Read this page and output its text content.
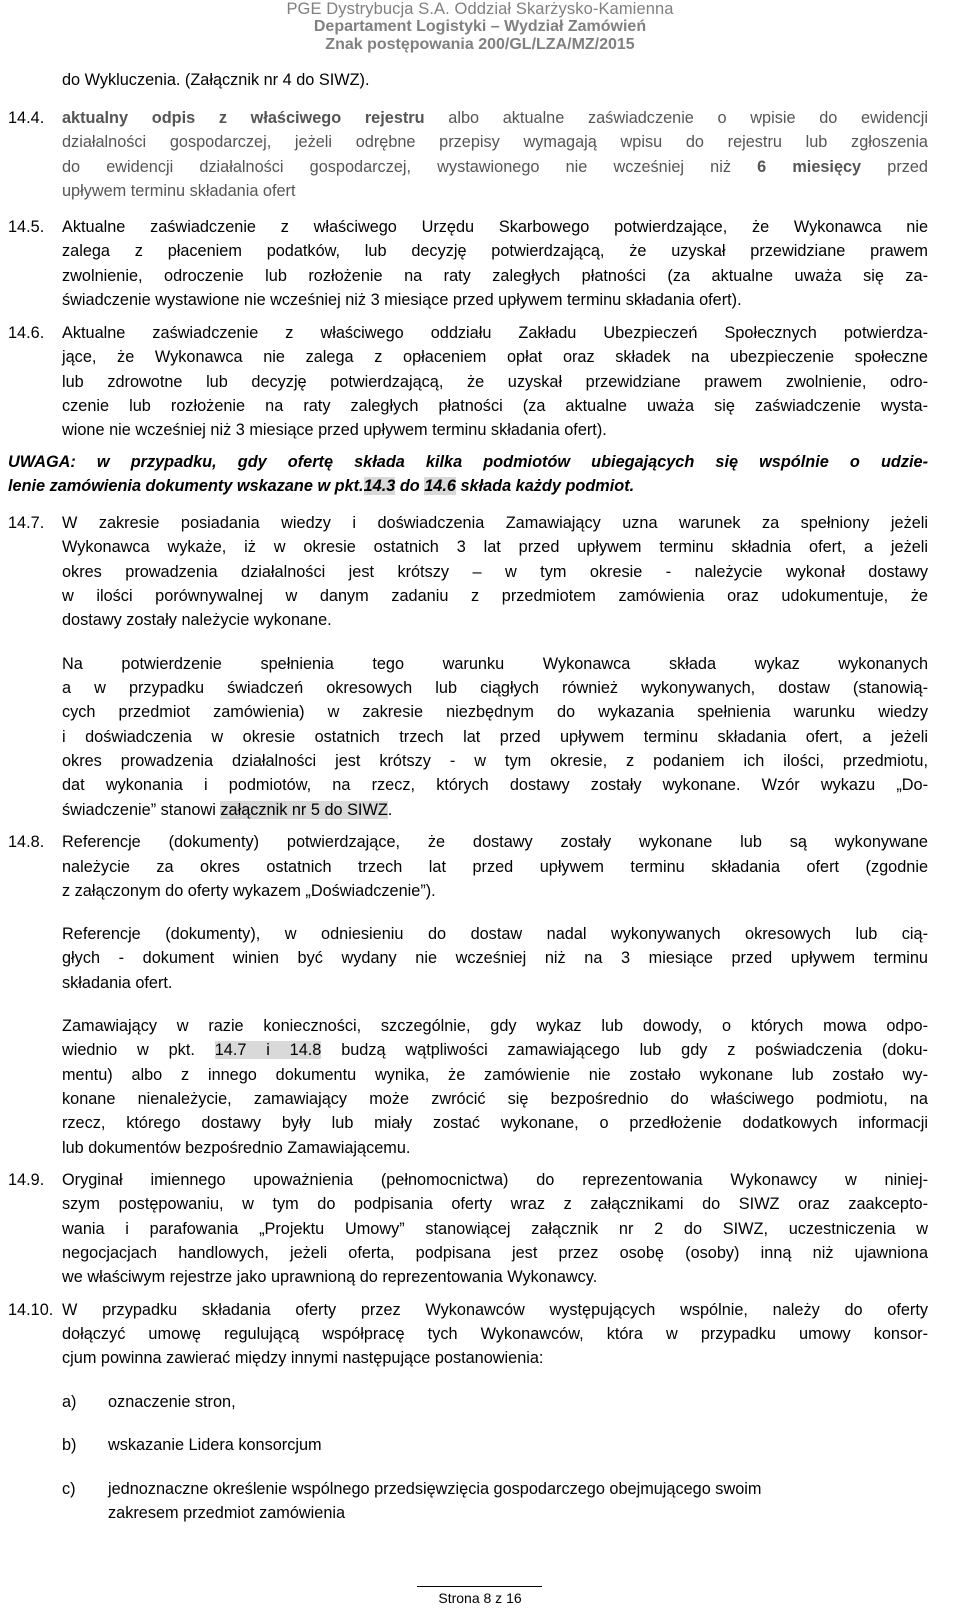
PGE Dystrybucja S.A. Oddział Skarżysko-Kamienna
Departament Logistyki – Wydział Zamówień
Znak postępowania 200/GL/LZA/MZ/2015
do Wykluczenia. (Załącznik nr 4 do SIWZ).
14.4. aktualny odpis z właściwego rejestru albo aktualne zaświadczenie o wpisie do ewidencji
działalności gospodarczej, jeżeli odrębne przepisy wymagają wpisu do rejestru lub zgłoszenia
do ewidencji działalności gospodarczej, wystawionego nie wcześniej niż 6 miesięcy przed
upływem terminu składania ofert
14.5. Aktualne zaświadczenie z właściwego Urzędu Skarbowego potwierdzające, że Wykonawca nie
zalega z płaceniem podatków, lub decyzję potwierdzającą, że uzyskał przewidziane prawem
zwolnienie, odroczenie lub rozłożenie na raty zaległych płatności (za aktualne uważa się za-
świadczenie wystawione nie wcześniej niż 3 miesiące przed upływem terminu składania ofert).
14.6. Aktualne zaświadczenie z właściwego oddziału Zakładu Ubezpieczeń Społecznych potwierdza-
jące, że Wykonawca nie zalega z opłaceniem opłat oraz składek na ubezpieczenie społeczne
lub zdrowotne lub decyzję potwierdzającą, że uzyskał przewidziane prawem zwolnienie, odro-
czenie lub rozłożenie na raty zaległych płatności (za aktualne uważa się zaświadczenie wysta-
wione nie wcześniej niż 3 miesiące przed upływem terminu składania ofert).
UWAGA: w przypadku, gdy ofertę składa kilka podmiotów ubiegających się wspólnie o udzie-
lenie zamówienia dokumenty wskazane w pkt.14.3 do 14.6 składa każdy podmiot.
14.7. W zakresie posiadania wiedzy i doświadczenia Zamawiający uzna warunek za spełniony jeżeli
Wykonawca wykaże, iż w okresie ostatnich 3 lat przed upływem terminu składnia ofert, a jeżeli
okres prowadzenia działalności jest krótszy – w tym okresie - należycie wykonał dostawy
w ilości porównywalnej w danym zadaniu z przedmiotem zamówienia oraz udokumentuje, że
dostawy zostały należycie wykonane.
Na potwierdzenie spełnienia tego warunku Wykonawca składa wykaz wykonanych
a w przypadku świadczeń okresowych lub ciągłych również wykonywanych, dostaw (stanowią-
cych przedmiot zamówienia) w zakresie niezbędnym do wykazania spełnienia warunku wiedzy
i doświadczenia w okresie ostatnich trzech lat przed upływem terminu składania ofert, a jeżeli
okres prowadzenia działalności jest krótszy - w tym okresie, z podaniem ich ilości, przedmiotu,
dat wykonania i podmiotów, na rzecz, których dostawy zostały wykonane. Wzór wykazu „Do-
świadczenie” stanowi załącznik nr 5 do SIWZ.
14.8. Referencje (dokumenty) potwierdzające, że dostawy zostały wykonane lub są wykonywane
należycie za okres ostatnich trzech lat przed upływem terminu składania ofert (zgodnie
z załączonym do oferty wykazem „Doświadczenie”).
Referencje (dokumenty), w odniesieniu do dostaw nadal wykonywanych okresowych lub cią-
głych - dokument winien być wydany nie wcześniej niż na 3 miesiące przed upływem terminu
składania ofert.
Zamawiający w razie konieczności, szczególnie, gdy wykaz lub dowody, o których mowa odpo-
wiednio w pkt. 14.7 i 14.8 budzą wątpliwości zamawiającego lub gdy z poświadczenia (doku-
mentu) albo z innego dokumentu wynika, że zamówienie nie zostało wykonane lub zostało wy-
konane nienależycie, zamawiający może zwrócić się bezpośrednio do właściwego podmiotu, na
rzecz, którego dostawy były lub miały zostać wykonane, o przedłożenie dodatkowych informacji
lub dokumentów bezpośrednio Zamawiającemu.
14.9. Oryginał imiennego upoważnienia (pełnomocnictwa) do reprezentowania Wykonawcy w niniej-
szym postępowaniu, w tym do podpisania oferty wraz z załącznikami do SIWZ oraz zaakcepto-
wania i parafowania „Projektu Umowy” stanowiącej załącznik nr 2 do SIWZ, uczestniczenia w
negocjacjach handlowych, jeżeli oferta, podpisana jest przez osobę (osoby) inną niż ujawniona
we właściwym rejestrze jako uprawnioną do reprezentowania Wykonawcy.
14.10. W przypadku składania oferty przez Wykonawców występujących wspólnie, należy do oferty
dołączyć umowę regulującą współpracę tych Wykonawców, która w przypadku umowy konsor-
cjum powinna zawierać między innymi następujące postanowienia:
a) oznaczenie stron,
b) wskazanie Lidera konsorcjum
c) jednoznaczne określenie wspólnego przedsięwzięcia gospodarczego obejmującego swoim
zakresem przedmiot zamówienia
Strona 8 z 16
